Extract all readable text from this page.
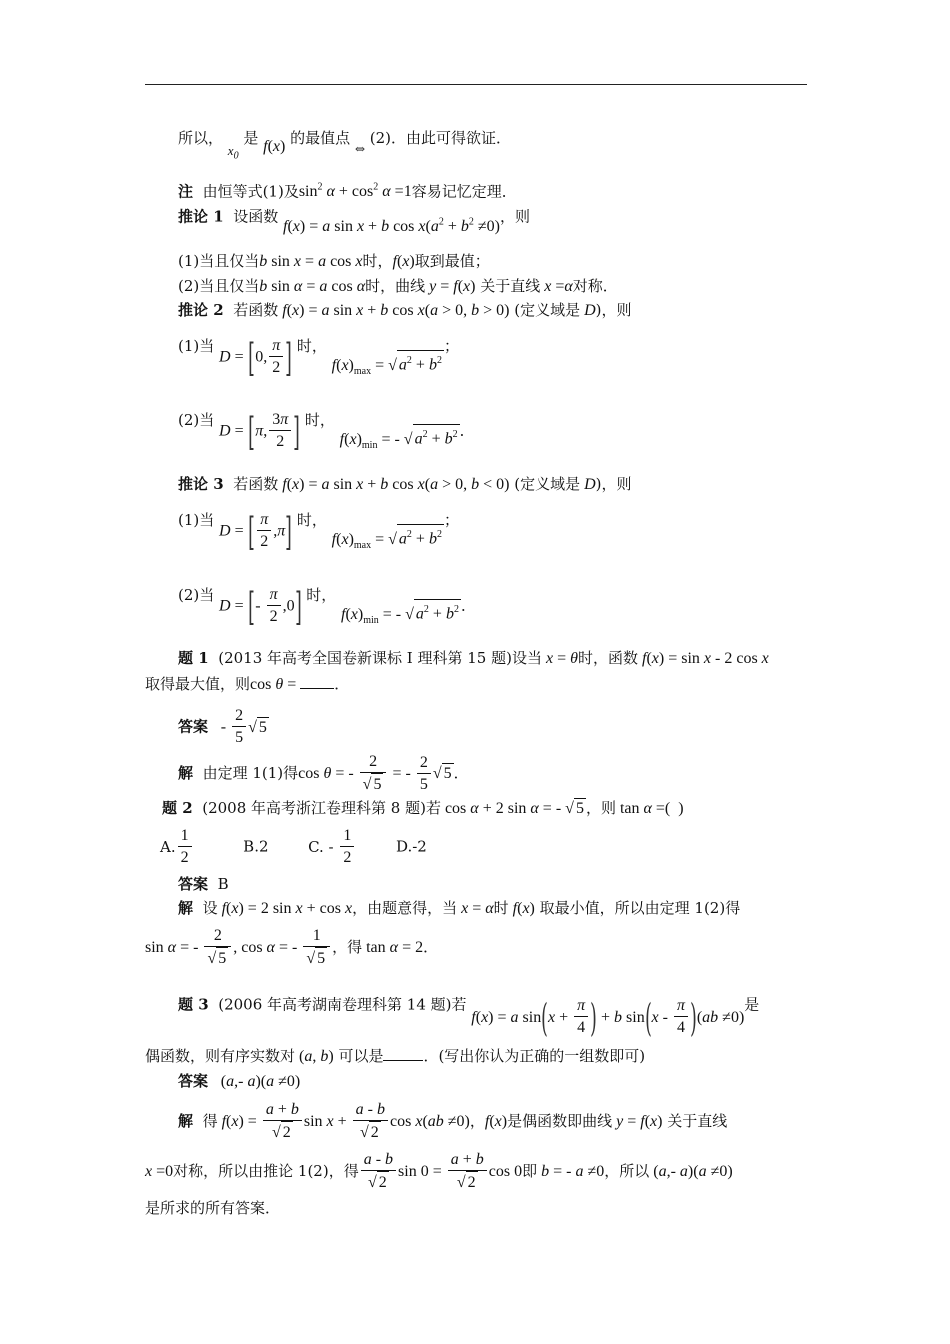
所以， $x_0$ 是 f(x) 的最值点 $_\Leftrightarrow$ (2)．由此可得欲证．
注  由恒等式(1)及$\sin^2 \alpha + \cos^2 \alpha =1$容易记忆定理．
推论 1  设函数 f(x) = a sin x + b $\cos x(a^2 + b^2 \ne 0)$，则
(1)当且仅当b sin x = a cos x时，f(x)取到最值；
(2)当且仅当b sin α = a cos α时，曲线 y = f(x) 关于直线 x =α对称．
推论 2  若函数 f(x) = a sin x + b cos x(a > 0, b > 0) (定义域是 D)，则
(1)当 D = [0, $\frac{\pi}{2}$ ] 时， $f(x)_{max}$ = √ $a^2 + b^2$；
(2)当 D = [π, $\frac{3\pi}{2}$ ] 时， $f(x)_{min}$ = - √ $a^2 + b^2$ ．
推论 3  若函数 f(x) = a sin x + b cos x(a > 0, b < 0) (定义域是 D)，则
(1)当 D = [ $\frac{\pi}{2} ,\pi$] 时， $f(x)_{max}$ = √ $a^2 + b^2$；
(2)当 D = [- $\frac{\pi}{2} ,0$] 时， $f(x)_{min}$ = - √ $a^2 + b^2$ ．
题 1  (2013 年高考全国卷新课标 I 理科第 15 题)设当 x = θ时，函数 f(x) = sin x - 2 cos x
取得最大值，则cos θ = ．
答案   - $\frac{2}{5}$ √ 5
解  由定理 1(1)得cos θ = - $\frac{2}{√ 5}$ = - $\frac{2}{5}$ √ 5 ．
题 2  (2008 年高考浙江卷理科第 8 题)若 cos α + 2 sin α = - √ 5 ，则 tan α =(  )
A. $\frac{1}{2}$	B.2	C. - $\frac{1}{2}$	D.-2
答案 B
解  设 f(x) = 2 sin x + cos x，由题意得，当 x = α时 f(x) 取最小值，所以由定理 1(2)得
sin α = - $\frac{2}{√ 5}$ , cos α = - $\frac{1}{√ 5}$ ，得 tan α = 2．
题 3  (2006 年高考湖南卷理科第 14 题)若 f(x) = a $\sin(x + \frac{\pi}{4}$ ) + b $\sin(x - \frac{\pi}{4} )(ab \ne 0)$是
偶函数，则有序实数对 (a, b) 可以是	．(写出你认为正确的一组数即可)
答案   (a,- a)(a ≠0)
解  得 $f(x) = \frac{a + b}{√ 2}$ $\sin x + \frac{a - b}{√ 2}$ cos x(ab ≠0)，f(x)是偶函数即曲线 y = f(x) 关于直线
x =0对称，所以由推论 1(2)，得 $\frac{a - b}{√ 2}$ $\sin 0 = \frac{a + b}{√ 2}$ cos 0即 b = - a ≠0，所以 (a,- a)(a ≠0)
是所求的所有答案．
